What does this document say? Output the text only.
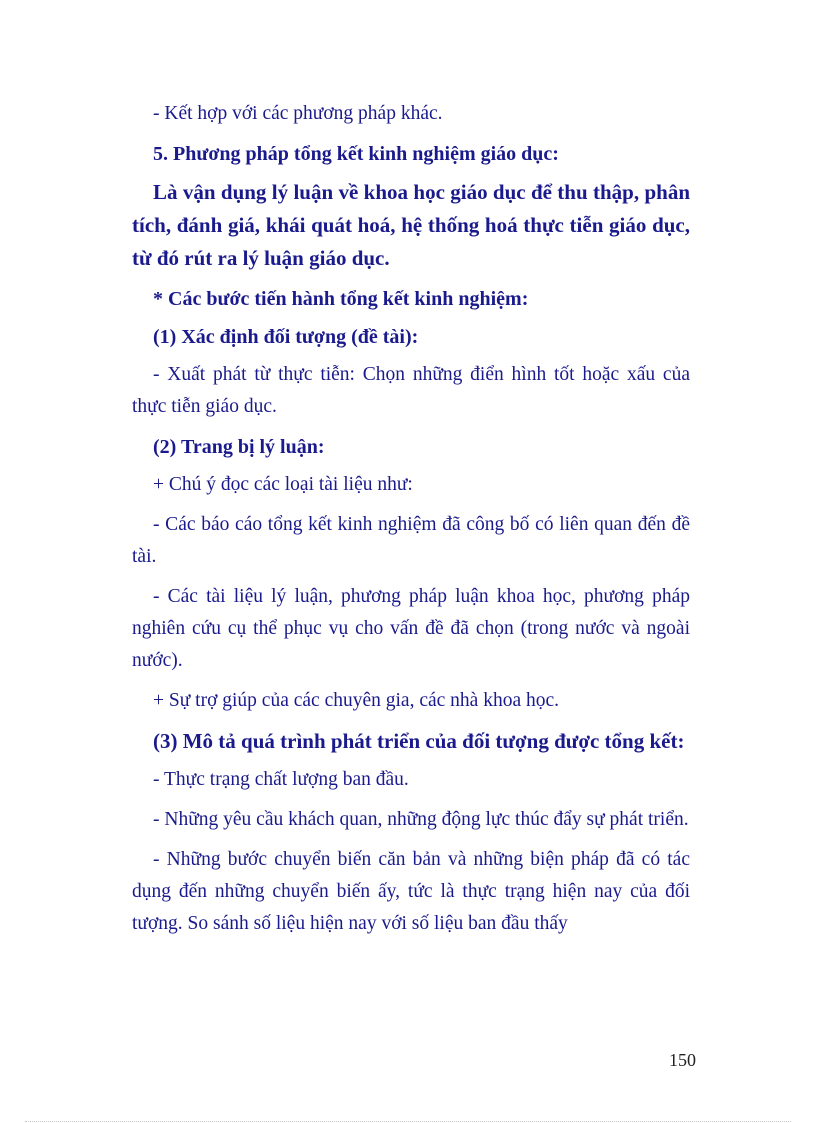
- Kết hợp với các phương pháp khác.

5. Phương pháp tổng kết kinh nghiệm giáo dục:

Là vận dụng lý luận về khoa học giáo dục để thu thập, phân tích, đánh giá, khái quát hoá, hệ thống hoá thực tiễn giáo dục, từ đó rút ra lý luận giáo dục.

* Các bước tiến hành tổng kết kinh nghiệm:

(1) Xác định đối tượng (đề tài):

- Xuất phát từ thực tiễn: Chọn những điển hình tốt hoặc xấu của thực tiễn giáo dục.

(2) Trang bị lý luận:

+ Chú ý đọc các loại tài liệu như:

- Các báo cáo tổng kết kinh nghiệm đã công bố có liên quan đến đề tài.

- Các tài liệu lý luận, phương pháp luận khoa học, phương pháp nghiên cứu cụ thể phục vụ cho vấn đề đã chọn (trong nước và ngoài nước).

+ Sự trợ giúp của các chuyên gia, các nhà khoa học.

(3) Mô tả quá trình phát triển của đối tượng được tổng kết:

- Thực trạng chất lượng ban đầu.

- Những yêu cầu khách quan, những động lực thúc đẩy sự phát triển.

- Những bước chuyển biến căn bản và những biện pháp đã có tác dụng đến những chuyển biến ấy, tức là thực trạng hiện nay của đối tượng. So sánh số liệu hiện nay với số liệu ban đầu thấy

150
